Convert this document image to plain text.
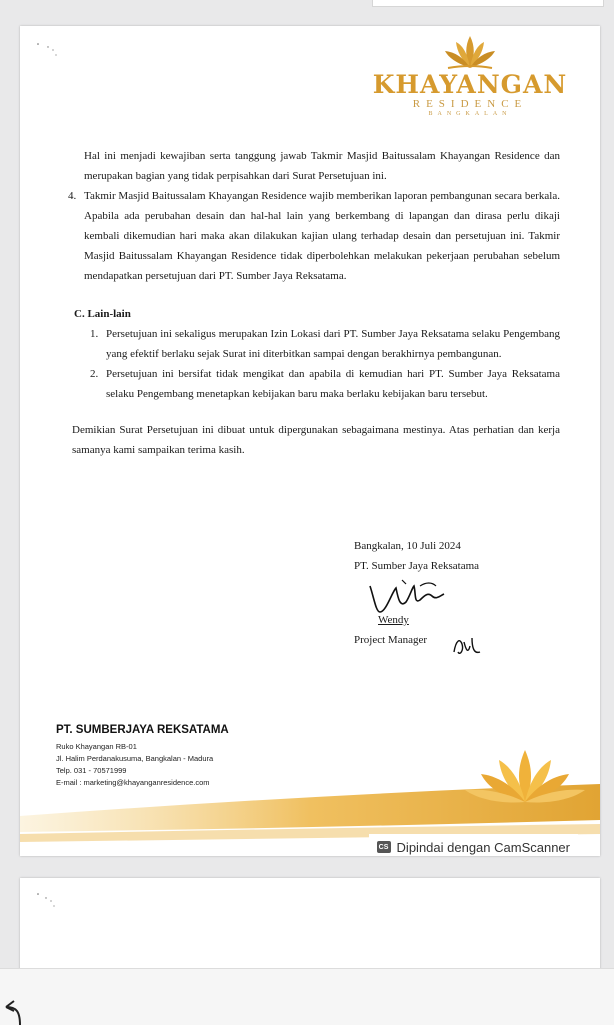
KHAYANGAN
RESIDENCE
BANGKALAN
Hal ini menjadi kewajiban serta tanggung jawab Takmir Masjid Baitussalam Khayangan Residence dan merupakan bagian yang tidak perpisahkan dari Surat Persetujuan ini.
4. Takmir Masjid Baitussalam Khayangan Residence wajib memberikan laporan pembangunan secara berkala. Apabila ada perubahan desain dan hal-hal lain yang berkembang di lapangan dan dirasa perlu dikaji kembali dikemudian hari maka akan dilakukan kajian ulang terhadap desain dan persetujuan ini. Takmir Masjid Baitussalam Khayangan Residence tidak diperbolehkan melakukan pekerjaan perubahan sebelum mendapatkan persetujuan dari PT. Sumber Jaya Reksatama.
C. Lain-lain
1. Persetujuan ini sekaligus merupakan Izin Lokasi dari PT. Sumber Jaya Reksatama selaku Pengembang yang efektif berlaku sejak Surat ini diterbitkan sampai dengan berakhirnya pembangunan.
2. Persetujuan ini bersifat tidak mengikat dan apabila di kemudian hari PT. Sumber Jaya Reksatama selaku Pengembang menetapkan kebijakan baru maka berlaku kebijakan baru tersebut.
Demikian Surat Persetujuan ini dibuat untuk dipergunakan sebagaimana mestinya. Atas perhatian dan kerja samanya kami sampaikan terima kasih.
Bangkalan, 10 Juli 2024
PT. Sumber Jaya Reksatama
Wendy
Project Manager
PT. SUMBERJAYA REKSATAMA
Ruko Khayangan RB-01
Jl. Halim Perdanakusuma, Bangkalan - Madura
Telp. 031 - 70571999
E-mail : marketing@khayanganresidence.com
CS Dipindai dengan CamScanner
